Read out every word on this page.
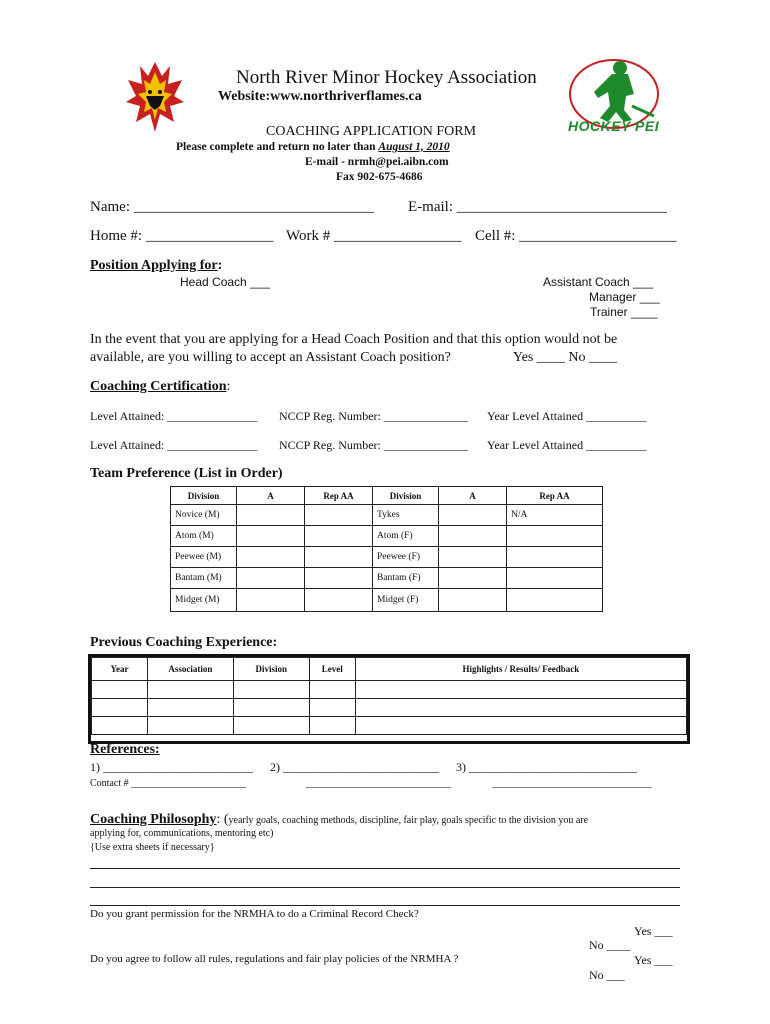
HOCKEY PEI
North River Minor Hockey Association
Website:www.northriverflames.ca
COACHING APPLICATION FORM
Please complete and return no later than August 1, 2010
E-mail - nrmh@pei.aibn.com
Fax 902-675-4686
Name: ________________________________ E-mail: ____________________________
Home #: _________________ Work # _________________ Cell #: _____________________
Position Applying for:
Head Coach ___	Assistant Coach ___
Manager ___
Trainer ____
In the event that you are applying for a Head Coach Position and that this option would not be
available, are you willing to accept an Assistant Coach position?	Yes ____ No ____
Coaching Certification:
Level Attained: _______________ NCCP Reg. Number: ______________ Year Level Attained __________
Level Attained: _______________ NCCP Reg. Number: ______________ Year Level Attained __________
Team Preference (List in Order)
Division	A	Rep AA	Division	A	Rep AA
Novice (M)			Tykes		N/A
Atom (M)			Atom (F)		
Peewee (M)			Peewee (F)		
Bantam (M)			Bantam (F)		
Midget (M)			Midget (F)		
Previous Coaching Experience:
Year	Association	Division	Level	Highlights / Results/ Feedback

References:
1) _________________________ 2) __________________________ 3) ____________________________
Contact # _______________________	_____________________________	________________________________
Coaching Philosophy: (yearly goals, coaching methods, discipline, fair play, goals specific to the division you are
applying for, communications, mentoring etc)
{Use extra sheets if necessary}
Do you grant permission for the NRMHA to do a Criminal Record Check?
Yes ___
No ____
Do you agree to follow all rules, regulations and fair play policies of the NRMHA ?	Yes ___
No ___
